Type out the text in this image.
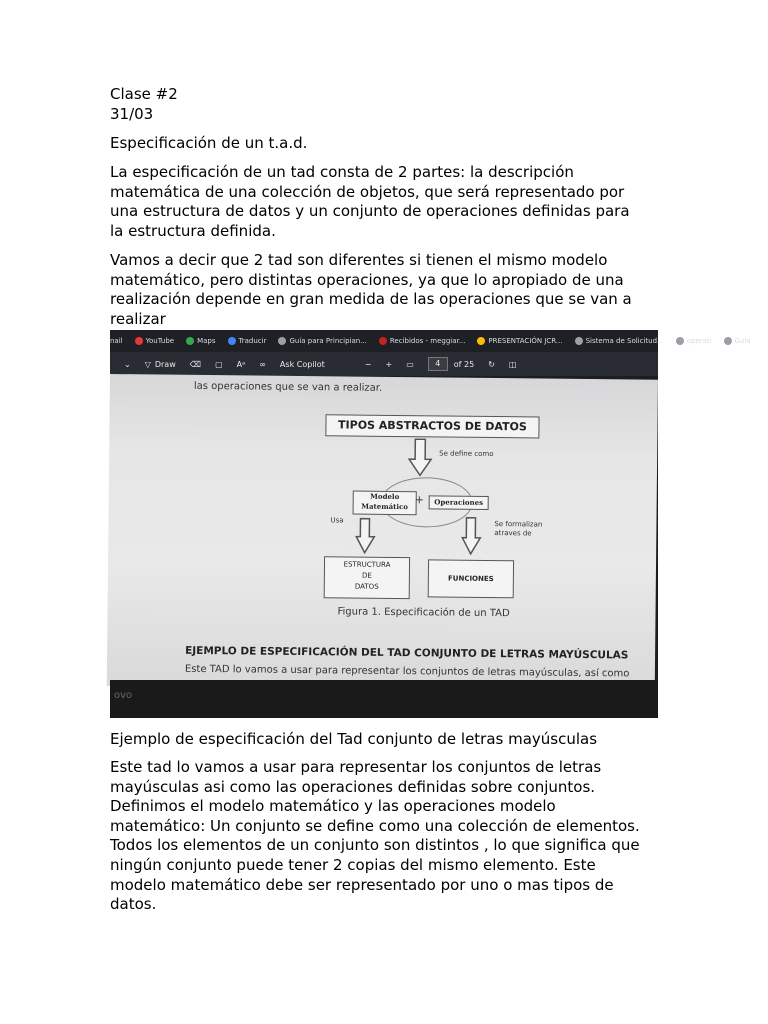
Clase #2

31/03

Especificación de un t.a.d.

La especificación de un tad consta de 2 partes: la descripción
matemática de una colección de objetos, que será representado por
una estructura de datos y un conjunto de operaciones definidas para
la estructura definida.

Vamos a decir que 2 tad son diferentes si tienen el mismo modelo
matemático, pero distintas operaciones, ya que lo apropiado de una
realización depende en gran medida de las operaciones que se van a
realizar

nail	YouTube	Maps	Traducir	Guía para Principian...	Recibidos - meggiar...	PRESENTACIÓN JCR...	Sistema de Solicitud...	operati	Gula
⌄ ▽ Draw ⌫ ▢ Aᵃ ∞ Ask Copilot	− + ▭	4	of 25 ↻ ◫
las operaciones que se van a realizar.
TIPOS ABSTRACTOS DE DATOS
Se define como
Modelo
Matemático
+	Operaciones
Usa	Se formalizan
atraves de
ESTRUCTURA
DE
DATOS
FUNCIONES
Figura 1. Especificación de un TAD
EJEMPLO DE ESPECIFICACIÓN DEL TAD CONJUNTO DE LETRAS MAYÚSCULAS
Este TAD lo vamos a usar para representar los conjuntos de letras mayúsculas, así como
ovo

Ejemplo de especificación del Tad conjunto de letras mayúsculas

Este tad lo vamos a usar para representar los conjuntos de letras
mayúsculas asi como las operaciones definidas sobre conjuntos.
Definimos el modelo matemático y las operaciones modelo
matemático: Un conjunto se define como una colección de elementos.
Todos los elementos de un conjunto son distintos , lo que significa que
ningún conjunto puede tener 2 copias del mismo elemento. Este
modelo matemático debe ser representado por uno o mas tipos de
datos.
